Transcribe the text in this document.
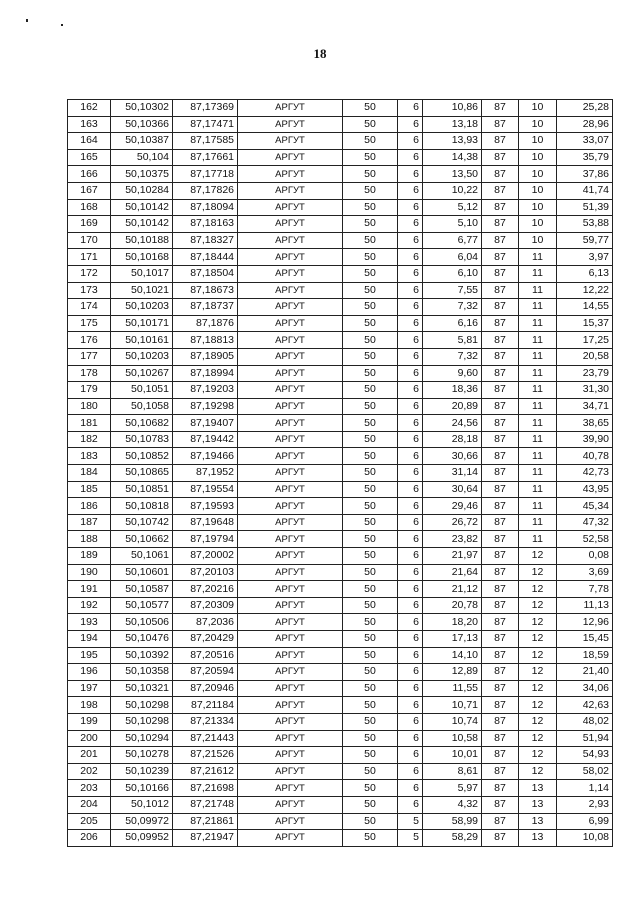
18
162	50,10302	87,17369	АРГУТ	50	6	10,86	87	10	25,28
163	50,10366	87,17471	АРГУТ	50	6	13,18	87	10	28,96
164	50,10387	87,17585	АРГУТ	50	6	13,93	87	10	33,07
165	50,104	87,17661	АРГУТ	50	6	14,38	87	10	35,79
166	50,10375	87,17718	АРГУТ	50	6	13,50	87	10	37,86
167	50,10284	87,17826	АРГУТ	50	6	10,22	87	10	41,74
168	50,10142	87,18094	АРГУТ	50	6	5,12	87	10	51,39
169	50,10142	87,18163	АРГУТ	50	6	5,10	87	10	53,88
170	50,10188	87,18327	АРГУТ	50	6	6,77	87	10	59,77
171	50,10168	87,18444	АРГУТ	50	6	6,04	87	11	3,97
172	50,1017	87,18504	АРГУТ	50	6	6,10	87	11	6,13
173	50,1021	87,18673	АРГУТ	50	6	7,55	87	11	12,22
174	50,10203	87,18737	АРГУТ	50	6	7,32	87	11	14,55
175	50,10171	87,1876	АРГУТ	50	6	6,16	87	11	15,37
176	50,10161	87,18813	АРГУТ	50	6	5,81	87	11	17,25
177	50,10203	87,18905	АРГУТ	50	6	7,32	87	11	20,58
178	50,10267	87,18994	АРГУТ	50	6	9,60	87	11	23,79
179	50,1051	87,19203	АРГУТ	50	6	18,36	87	11	31,30
180	50,1058	87,19298	АРГУТ	50	6	20,89	87	11	34,71
181	50,10682	87,19407	АРГУТ	50	6	24,56	87	11	38,65
182	50,10783	87,19442	АРГУТ	50	6	28,18	87	11	39,90
183	50,10852	87,19466	АРГУТ	50	6	30,66	87	11	40,78
184	50,10865	87,1952	АРГУТ	50	6	31,14	87	11	42,73
185	50,10851	87,19554	АРГУТ	50	6	30,64	87	11	43,95
186	50,10818	87,19593	АРГУТ	50	6	29,46	87	11	45,34
187	50,10742	87,19648	АРГУТ	50	6	26,72	87	11	47,32
188	50,10662	87,19794	АРГУТ	50	6	23,82	87	11	52,58
189	50,1061	87,20002	АРГУТ	50	6	21,97	87	12	0,08
190	50,10601	87,20103	АРГУТ	50	6	21,64	87	12	3,69
191	50,10587	87,20216	АРГУТ	50	6	21,12	87	12	7,78
192	50,10577	87,20309	АРГУТ	50	6	20,78	87	12	11,13
193	50,10506	87,2036	АРГУТ	50	6	18,20	87	12	12,96
194	50,10476	87,20429	АРГУТ	50	6	17,13	87	12	15,45
195	50,10392	87,20516	АРГУТ	50	6	14,10	87	12	18,59
196	50,10358	87,20594	АРГУТ	50	6	12,89	87	12	21,40
197	50,10321	87,20946	АРГУТ	50	6	11,55	87	12	34,06
198	50,10298	87,21184	АРГУТ	50	6	10,71	87	12	42,63
199	50,10298	87,21334	АРГУТ	50	6	10,74	87	12	48,02
200	50,10294	87,21443	АРГУТ	50	6	10,58	87	12	51,94
201	50,10278	87,21526	АРГУТ	50	6	10,01	87	12	54,93
202	50,10239	87,21612	АРГУТ	50	6	8,61	87	12	58,02
203	50,10166	87,21698	АРГУТ	50	6	5,97	87	13	1,14
204	50,1012	87,21748	АРГУТ	50	6	4,32	87	13	2,93
205	50,09972	87,21861	АРГУТ	50	5	58,99	87	13	6,99
206	50,09952	87,21947	АРГУТ	50	5	58,29	87	13	10,08
